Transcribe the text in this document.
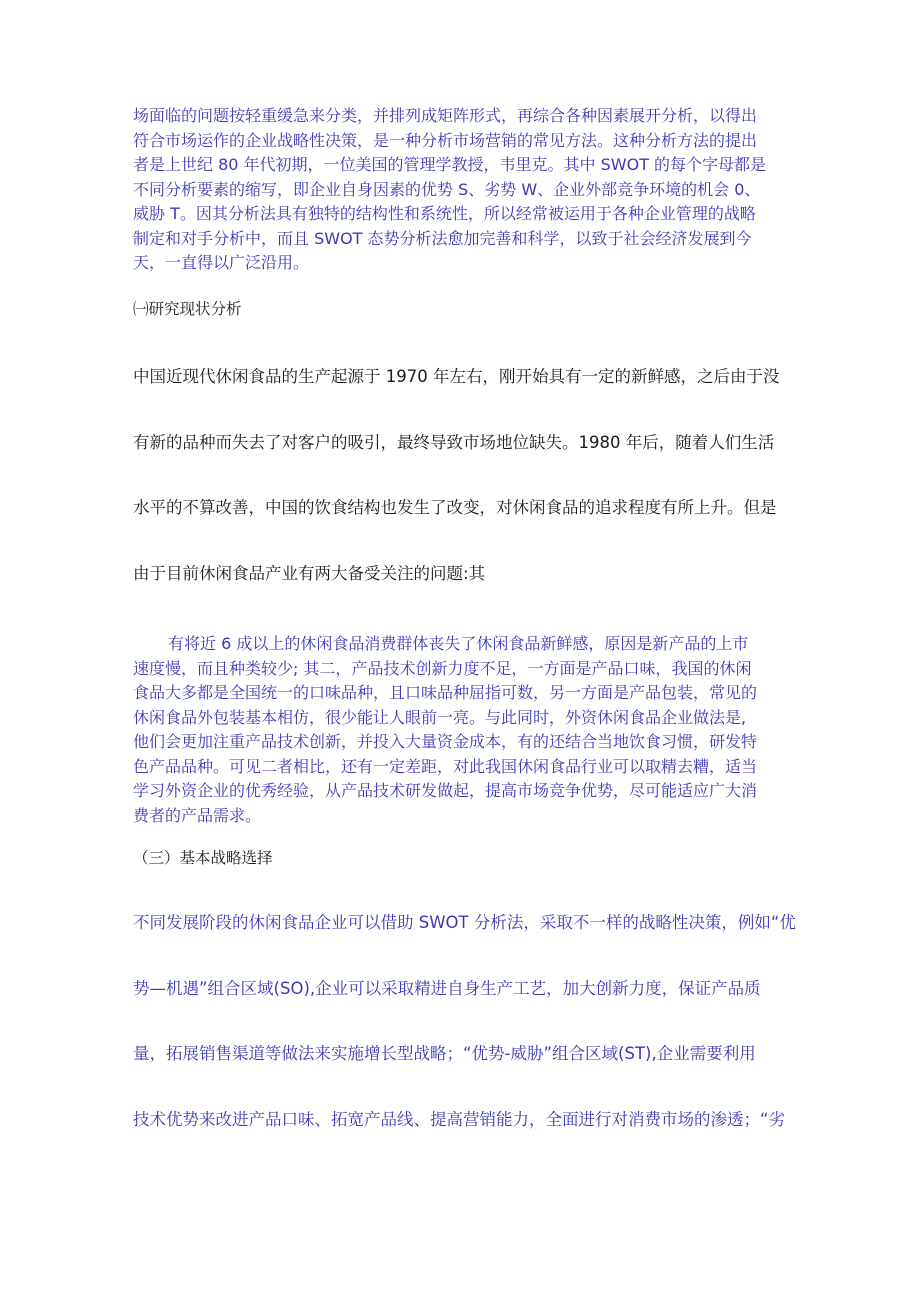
场面临的问题按轻重缓急来分类，并排列成矩阵形式，再综合各种因素展开分析，以得出
符合市场运作的企业战略性决策，是一种分析市场营销的常见方法。这种分析方法的提出
者是上世纪 80 年代初期，一位美国的管理学教授，韦里克。其中 SWOT 的每个字母都是
不同分析要素的缩写，即企业自身因素的优势 S、劣势 W、企业外部竞争环境的机会 0、
威胁 T。因其分析法具有独特的结构性和系统性，所以经常被运用于各种企业管理的战略
制定和对手分析中，而且 SWOT 态势分析法愈加完善和科学，以致于社会经济发展到今
天，一直得以广泛沿用。

㈠研究现状分析

中国近现代休闲食品的生产起源于 1970 年左右，刚开始具有一定的新鲜感，之后由于没

有新的品种而失去了对客户的吸引，最终导致市场地位缺失。1980 年后，随着人们生活

水平的不算改善，中国的饮食结构也发生了改变，对休闲食品的追求程度有所上升。但是

由于目前休闲食品产业有两大备受关注的问题:其

有将近 6 成以上的休闲食品消费群体丧失了休闲食品新鲜感，原因是新产品的上市
速度慢，而且种类较少; 其二，产品技术创新力度不足，一方面是产品口味，我国的休闲
食品大多都是全国统一的口味品种，且口味品种屈指可数，另一方面是产品包装，常见的
休闲食品外包装基本相仿，很少能让人眼前一亮。与此同时，外资休闲食品企业做法是,
他们会更加注重产品技术创新，并投入大量资金成本，有的还结合当地饮食习惯，研发特
色产品品种。可见二者相比，还有一定差距，对此我国休闲食品行业可以取精去糟，适当
学习外资企业的优秀经验，从产品技术研发做起，提高市场竞争优势，尽可能适应广大消
费者的产品需求。

（三）基本战略选择

不同发展阶段的休闲食品企业可以借助 SWOT 分析法，采取不一样的战略性决策，例如“优

势—机遇”组合区域(SO),企业可以采取精进自身生产工艺，加大创新力度，保证产品质

量，拓展销售渠道等做法来实施增长型战略；“优势-威胁”组合区域(ST),企业需要利用

技术优势来改进产品口味、拓宽产品线、提高营销能力，全面进行对消费市场的渗透；“劣
